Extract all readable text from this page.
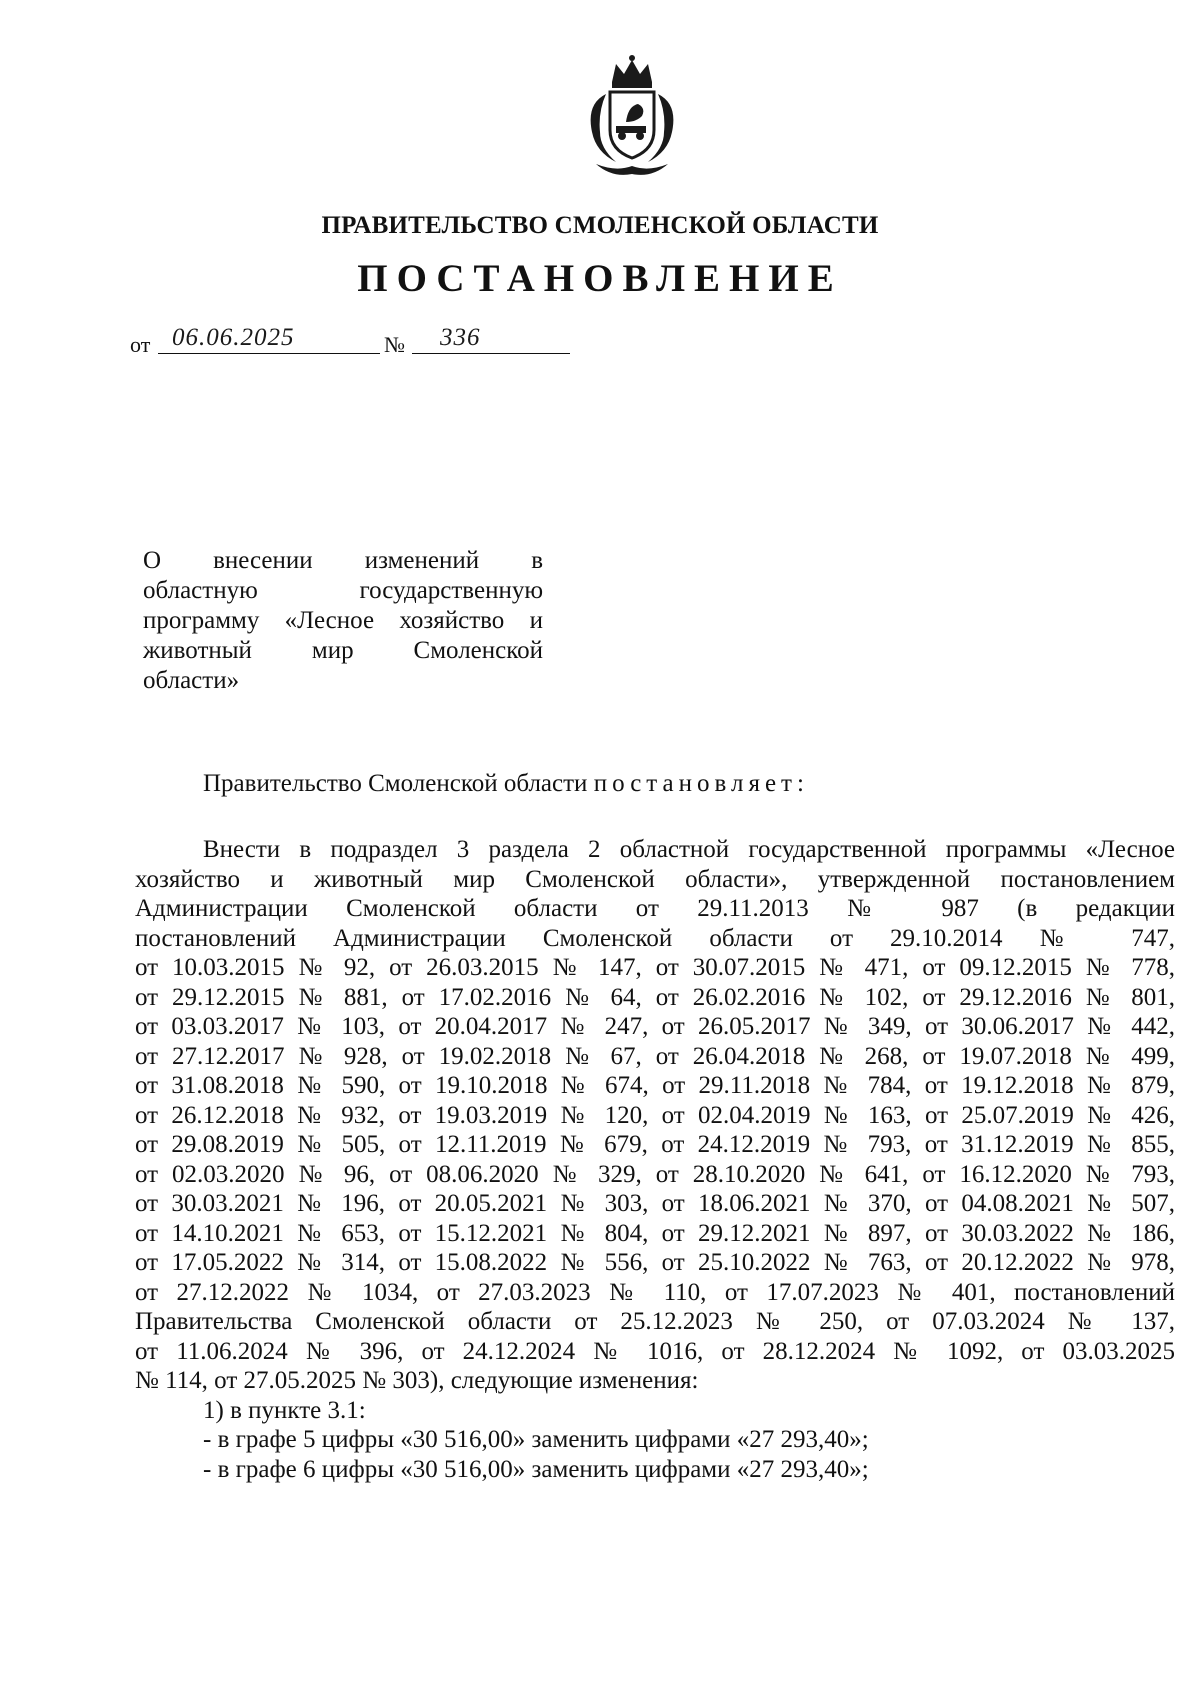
ПРАВИТЕЛЬСТВО СМОЛЕНСКОЙ ОБЛАСТИ
ПОСТАНОВЛЕНИЕ
от 06.06.2025	№	336
О внесении изменений в
областную государственную
программу «Лесное хозяйство и
животный мир Смоленской
области»
Правительство Смоленской области постановляет:
Внести в подраздел 3 раздела 2 областной государственной программы «Лесное
хозяйство и животный мир Смоленской области», утвержденной постановлением
Администрации Смоленской области от 29.11.2013 № 987 (в редакции
постановлений Администрации Смоленской области от 29.10.2014 № 747,
от 10.03.2015 № 92, от 26.03.2015 № 147, от 30.07.2015 № 471, от 09.12.2015 № 778,
от 29.12.2015 № 881, от 17.02.2016 № 64, от 26.02.2016 № 102, от 29.12.2016 № 801,
от 03.03.2017 № 103, от 20.04.2017 № 247, от 26.05.2017 № 349, от 30.06.2017 № 442,
от 27.12.2017 № 928, от 19.02.2018 № 67, от 26.04.2018 № 268, от 19.07.2018 № 499,
от 31.08.2018 № 590, от 19.10.2018 № 674, от 29.11.2018 № 784, от 19.12.2018 № 879,
от 26.12.2018 № 932, от 19.03.2019 № 120, от 02.04.2019 № 163, от 25.07.2019 № 426,
от 29.08.2019 № 505, от 12.11.2019 № 679, от 24.12.2019 № 793, от 31.12.2019 № 855,
от 02.03.2020 № 96, от 08.06.2020 № 329, от 28.10.2020 № 641, от 16.12.2020 № 793,
от 30.03.2021 № 196, от 20.05.2021 № 303, от 18.06.2021 № 370, от 04.08.2021 № 507,
от 14.10.2021 № 653, от 15.12.2021 № 804, от 29.12.2021 № 897, от 30.03.2022 № 186,
от 17.05.2022 № 314, от 15.08.2022 № 556, от 25.10.2022 № 763, от 20.12.2022 № 978,
от 27.12.2022 № 1034, от 27.03.2023 № 110, от 17.07.2023 № 401, постановлений
Правительства Смоленской области от 25.12.2023 № 250, от 07.03.2024 № 137,
от 11.06.2024 № 396, от 24.12.2024 № 1016, от 28.12.2024 № 1092, от 03.03.2025
№ 114, от 27.05.2025 № 303), следующие изменения:
1) в пункте 3.1:
- в графе 5 цифры «30 516,00» заменить цифрами «27 293,40»;
- в графе 6 цифры «30 516,00» заменить цифрами «27 293,40»;
